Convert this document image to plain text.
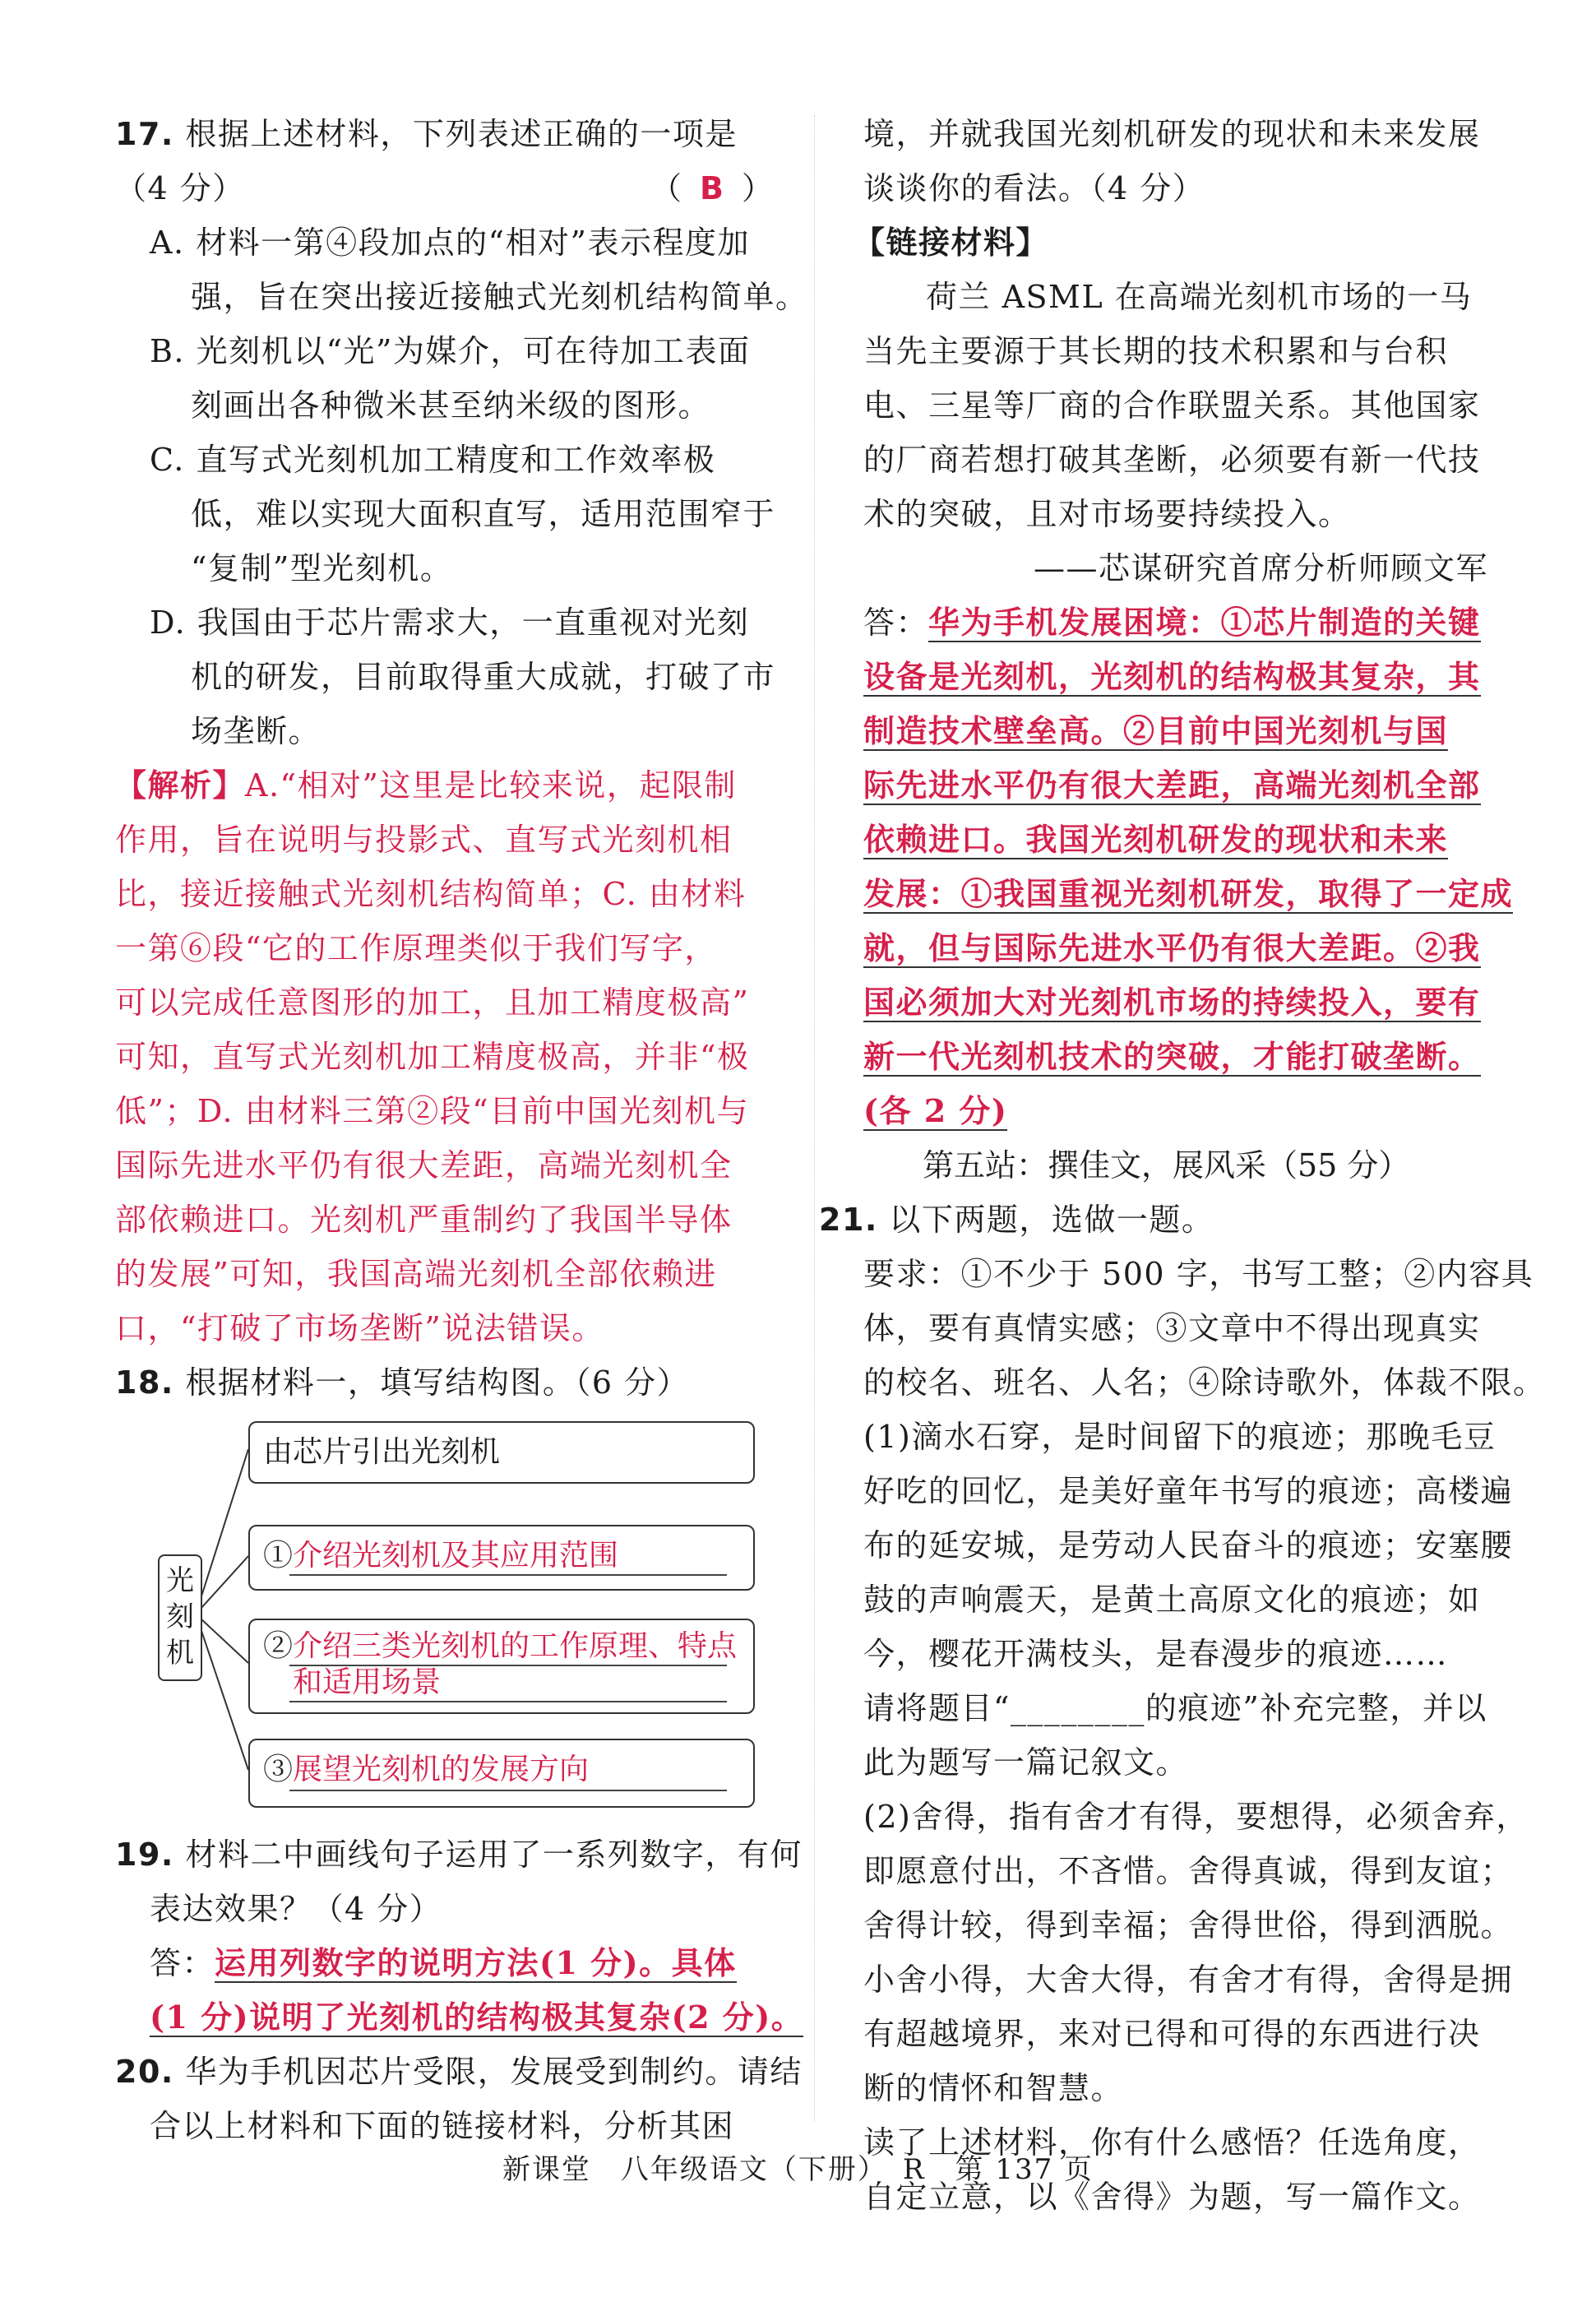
17. 根据上述材料，下列表述正确的一项是
（4 分）	（ B ）
A. 材料一第④段加点的“相对”表示程度加
强，旨在突出接近接触式光刻机结构简单。
B. 光刻机以“光”为媒介，可在待加工表面
刻画出各种微米甚至纳米级的图形。
C. 直写式光刻机加工精度和工作效率极
低，难以实现大面积直写，适用范围窄于
“复制”型光刻机。
D. 我国由于芯片需求大，一直重视对光刻
机的研发，目前取得重大成就，打破了市
场垄断。
【解析】A.“相对”这里是比较来说，起限制
作用，旨在说明与投影式、直写式光刻机相
比，接近接触式光刻机结构简单；C. 由材料
一第⑥段“它的工作原理类似于我们写字，
可以完成任意图形的加工，且加工精度极高”
可知，直写式光刻机加工精度极高，并非“极
低”；D. 由材料三第②段“目前中国光刻机与
国际先进水平仍有很大差距，高端光刻机全
部依赖进口。光刻机严重制约了我国半导体
的发展”可知，我国高端光刻机全部依赖进
口，“打破了市场垄断”说法错误。
18. 根据材料一，填写结构图。（6 分）
光
刻
机
由芯片引出光刻机
①介绍光刻机及其应用范围
②介绍三类光刻机的工作原理、特点
和适用场景
③展望光刻机的发展方向
19. 材料二中画线句子运用了一系列数字，有何
表达效果？（4 分）
答：运用列数字的说明方法(1 分)。具体
(1 分)说明了光刻机的结构极其复杂(2 分)。
20. 华为手机因芯片受限，发展受到制约。请结
合以上材料和下面的链接材料，分析其困
境，并就我国光刻机研发的现状和未来发展
谈谈你的看法。（4 分）
【链接材料】
荷兰 ASML 在高端光刻机市场的一马
当先主要源于其长期的技术积累和与台积
电、三星等厂商的合作联盟关系。其他国家
的厂商若想打破其垄断，必须要有新一代技
术的突破，且对市场要持续投入。
——芯谋研究首席分析师顾文军
答：华为手机发展困境：①芯片制造的关键
设备是光刻机，光刻机的结构极其复杂，其
制造技术壁垒高。②目前中国光刻机与国
际先进水平仍有很大差距，高端光刻机全部
依赖进口。我国光刻机研发的现状和未来
发展：①我国重视光刻机研发，取得了一定成
就，但与国际先进水平仍有很大差距。②我
国必须加大对光刻机市场的持续投入，要有
新一代光刻机技术的突破，才能打破垄断。
(各 2 分)
第五站：撰佳文，展风采（55 分）
21. 以下两题，选做一题。
要求：①不少于 500 字，书写工整；②内容具
体，要有真情实感；③文章中不得出现真实
的校名、班名、人名；④除诗歌外，体裁不限。
(1)滴水石穿，是时间留下的痕迹；那晚毛豆
好吃的回忆，是美好童年书写的痕迹；高楼遍
布的延安城，是劳动人民奋斗的痕迹；安塞腰
鼓的声响震天，是黄土高原文化的痕迹；如
今，樱花开满枝头，是春漫步的痕迹……
请将题目“________的痕迹”补充完整，并以
此为题写一篇记叙文。
(2)舍得，指有舍才有得，要想得，必须舍弃，
即愿意付出，不吝惜。舍得真诚，得到友谊；
舍得计较，得到幸福；舍得世俗，得到洒脱。
小舍小得，大舍大得，有舍才有得，舍得是拥
有超越境界，来对已得和可得的东西进行决
断的情怀和智慧。
读了上述材料，你有什么感悟？任选角度，
自定立意，以《舍得》为题，写一篇作文。
新课堂　八年级语文（下册）　R　第 137 页
